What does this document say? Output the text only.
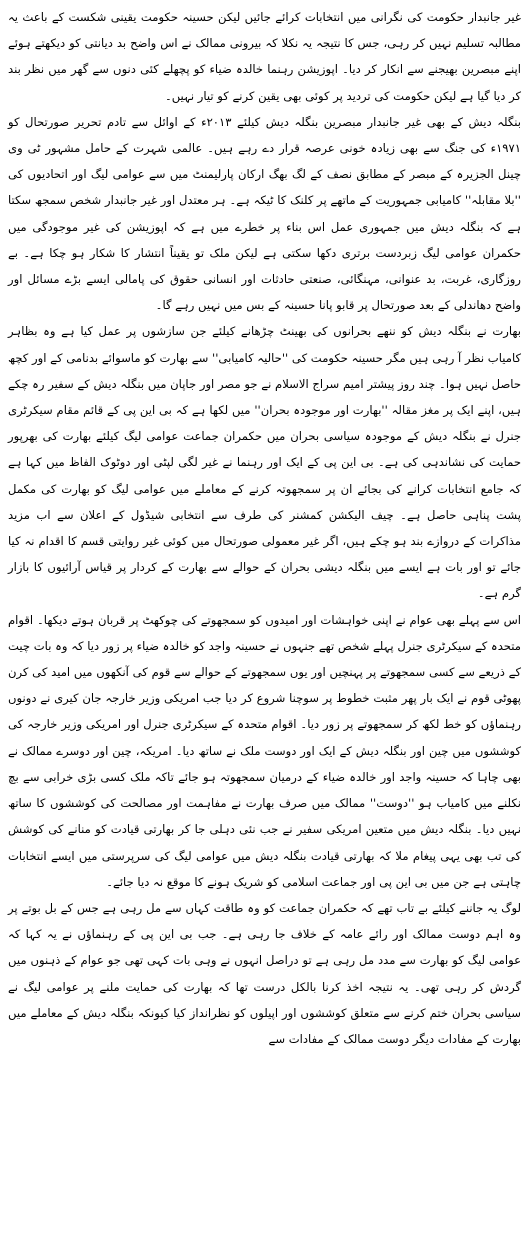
غیر جانبدار حکومت کی نگرانی میں انتخابات کرائے جائیں لیکن حسینہ حکومت یقینی شکست کے باعث یہ مطالبہ تسلیم نہیں کر رہی، جس کا نتیجہ یہ نکلا کہ بیرونی ممالک نے اس واضح بد دیانتی کو دیکھتے ہوئے اپنے مبصرین بھیجنے سے انکار کر دیا۔ اپوزیشن رہنما خالدہ ضیاء کو پچھلے کئی دنوں سے گھر میں نظر بند کر دیا گیا ہے لیکن حکومت کی تردید پر کوئی بھی یقین کرنے کو تیار نہیں۔

بنگلہ دیش کے بھی غیر جانبدار مبصرین بنگلہ دیش کیلئے ۲۰۱۳ء کے اوائل سے تادم تحریر صورتحال کو ۱۹۷۱ء کی جنگ سے بھی زیادہ خونی عرصہ قرار دے رہے ہیں۔ عالمی شہرت کے حامل مشہور ٹی وی چینل الجزیرہ کے مبصر کے مطابق نصف کے لگ بھگ ارکان پارلیمنٹ میں سے عوامی لیگ اور اتحادیوں کی ''بلا مقابلہ'' کامیابی جمہوریت کے ماتھے پر کلنک کا ٹیکہ ہے۔ ہر معتدل اور غیر جانبدار شخص سمجھ سکتا ہے کہ بنگلہ دیش میں جمہوری عمل اس بناء پر خطرے میں ہے کہ اپوزیشن کی غیر موجودگی میں حکمران عوامی لیگ زبردست برتری دکھا سکتی ہے لیکن ملک تو یقیناً انتشار کا شکار ہو چکا ہے۔ بے روزگاری، غربت، بد عنوانی، مہنگائی، صنعتی حادثات اور انسانی حقوق کی پامالی ایسے بڑے مسائل اور واضح دھاندلی کے بعد صورتحال پر قابو پانا حسینہ کے بس میں نہیں رہے گا۔

بھارت نے بنگلہ دیش کو ننھے بحرانوں کی بھینٹ چڑھانے کیلئے جن سازشوں پر عمل کیا ہے وہ بظاہر کامیاب نظر آ رہی ہیں مگر حسینہ حکومت کی ''حالیہ کامیابی'' سے بھارت کو ماسوائے بدنامی کے اور کچھ حاصل نہیں ہوا۔ چند روز پیشتر امیم سراج الاسلام نے جو مصر اور جاپان میں بنگلہ دیش کے سفیر رہ چکے ہیں، اپنے ایک پر مغز مقالہ ''بھارت اور موجودہ بحران'' میں لکھا ہے کہ بی این پی کے قائم مقام سیکرٹری جنرل نے بنگلہ دیش کے موجودہ سیاسی بحران میں حکمران جماعت عوامی لیگ کیلئے بھارت کی بھرپور حمایت کی نشاندہی کی ہے۔ بی این پی کے ایک اور رہنما نے غیر لگی لپٹی اور دوٹوک الفاظ میں کہا ہے کہ جامع انتخابات کرانے کی بجائے ان پر سمجھوتہ کرنے کے معاملے میں عوامی لیگ کو بھارت کی مکمل پشت پناہی حاصل ہے۔ چیف الیکشن کمشنر کی طرف سے انتخابی شیڈول کے اعلان سے اب مزید مذاکرات کے دروازے بند ہو چکے ہیں، اگر غیر معمولی صورتحال میں کوئی غیر روایتی قسم کا اقدام نہ کیا جائے تو اور بات ہے ایسے میں بنگلہ دیشی بحران کے حوالے سے بھارت کے کردار پر قیاس آرائیوں کا بازار گرم ہے۔

اس سے پہلے بھی عوام نے اپنی خواہشات اور امیدوں کو سمجھوتے کی چوکھٹ پر قربان ہوتے دیکھا۔ اقوام متحدہ کے سیکرٹری جنرل پہلے شخص تھے جنہوں نے حسینہ واجد کو خالدہ ضیاء پر زور دیا کہ وہ بات چیت کے ذریعے سے کسی سمجھوتے پر پہنچیں اور یوں سمجھوتے کے حوالے سے قوم کی آنکھوں میں امید کی کرن پھوٹی قوم نے ایک بار پھر مثبت خطوط پر سوچنا شروع کر دیا جب امریکی وزیر خارجہ جان کیری نے دونوں رہنماؤں کو خط لکھ کر سمجھوتے پر زور دیا۔ اقوام متحدہ کے سیکرٹری جنرل اور امریکی وزیر خارجہ کی کوششوں میں چین اور بنگلہ دیش کے ایک اور دوست ملک نے ساتھ دیا۔ امریکہ، چین اور دوسرے ممالک نے بھی چاہا کہ حسینہ واجد اور خالدہ ضیاء کے درمیان سمجھوتہ ہو جائے تاکہ ملک کسی بڑی خرابی سے بچ نکلنے میں کامیاب ہو ''دوست'' ممالک میں صرف بھارت نے مفاہمت اور مصالحت کی کوششوں کا ساتھ نہیں دیا۔ بنگلہ دیش میں متعین امریکی سفیر نے جب نئی دہلی جا کر بھارتی قیادت کو منانے کی کوشش کی تب بھی یہی پیغام ملا کہ بھارتی قیادت بنگلہ دیش میں عوامی لیگ کی سرپرستی میں ایسے انتخابات چاہتی ہے جن میں بی این پی اور جماعت اسلامی کو شریک ہونے کا موقع نہ دیا جائے۔

لوگ یہ جاننے کیلئے بے تاب تھے کہ حکمران جماعت کو وہ طاقت کہاں سے مل رہی ہے جس کے بل بوتے پر وہ اہم دوست ممالک اور رائے عامہ کے خلاف جا رہی ہے۔ جب بی این پی کے رہنماؤں نے یہ کہا کہ عوامی لیگ کو بھارت سے مدد مل رہی ہے تو دراصل انہوں نے وہی بات کہی تھی جو عوام کے ذہنوں میں گردش کر رہی تھی۔ یہ نتیجہ اخذ کرنا بالکل درست تھا کہ بھارت کی حمایت ملنے پر عوامی لیگ نے سیاسی بحران ختم کرنے سے متعلق کوششوں اور اپیلوں کو نظرانداز کیا کیونکہ بنگلہ دیش کے معاملے میں بھارت کے مفادات دیگر دوست ممالک کے مفادات سے
